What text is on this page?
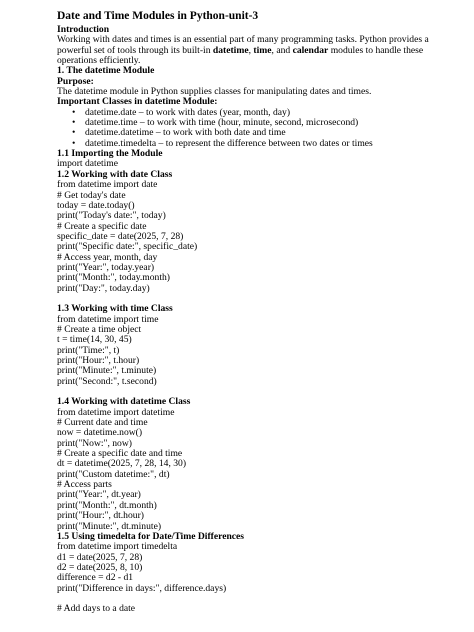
Date and Time Modules in Python-unit-3
Introduction
Working with dates and times is an essential part of many programming tasks. Python provides a powerful set of tools through its built-in datetime, time, and calendar modules to handle these operations efficiently.
1. The datetime Module
Purpose:
The datetime module in Python supplies classes for manipulating dates and times.
Important Classes in datetime Module:
• datetime.date – to work with dates (year, month, day)
• datetime.time – to work with time (hour, minute, second, microsecond)
• datetime.datetime – to work with both date and time
• datetime.timedelta – to represent the difference between two dates or times
1.1 Importing the Module
import datetime
1.2 Working with date Class
from datetime import date
# Get today's date
today = date.today()
print("Today's date:", today)
# Create a specific date
specific_date = date(2025, 7, 28)
print("Specific date:", specific_date)
# Access year, month, day
print("Year:", today.year)
print("Month:", today.month)
print("Day:", today.day)
1.3 Working with time Class
from datetime import time
# Create a time object
t = time(14, 30, 45)
print("Time:", t)
print("Hour:", t.hour)
print("Minute:", t.minute)
print("Second:", t.second)
1.4 Working with datetime Class
from datetime import datetime
# Current date and time
now = datetime.now()
print("Now:", now)
# Create a specific date and time
dt = datetime(2025, 7, 28, 14, 30)
print("Custom datetime:", dt)
# Access parts
print("Year:", dt.year)
print("Month:", dt.month)
print("Hour:", dt.hour)
print("Minute:", dt.minute)
1.5 Using timedelta for Date/Time Differences
from datetime import timedelta
d1 = date(2025, 7, 28)
d2 = date(2025, 8, 10)
difference = d2 - d1
print("Difference in days:", difference.days)
# Add days to a date
